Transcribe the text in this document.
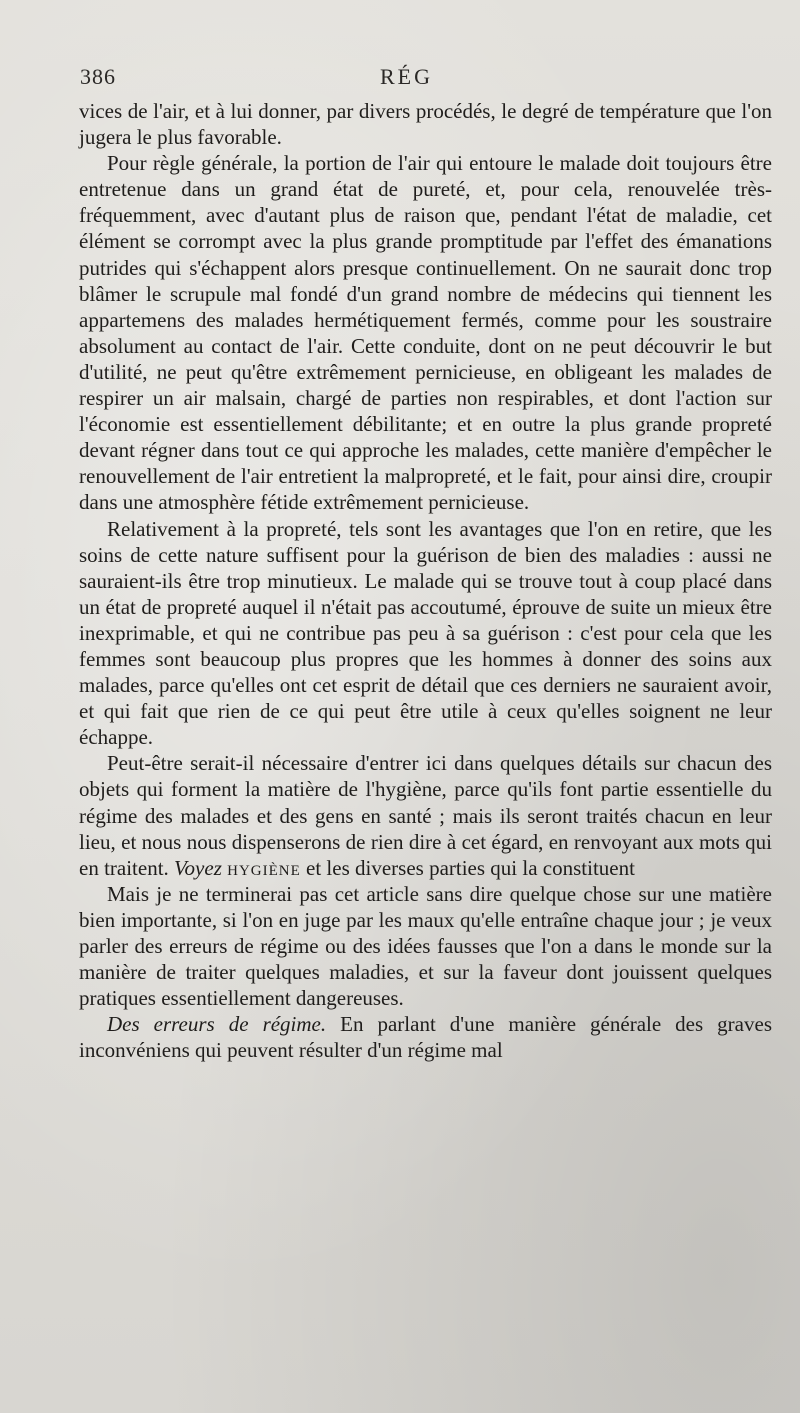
386	RÉG

vices de l'air, et à lui donner, par divers procédés, le degré de température que l'on jugera le plus favorable.

Pour règle générale, la portion de l'air qui entoure le malade doit toujours être entretenue dans un grand état de pureté, et, pour cela, renouvelée très-fréquemment, avec d'autant plus de raison que, pendant l'état de maladie, cet élément se corrompt avec la plus grande promptitude par l'effet des émanations putrides qui s'échappent alors presque continuellement. On ne saurait donc trop blâmer le scrupule mal fondé d'un grand nombre de médecins qui tiennent les appartemens des malades hermétiquement fermés, comme pour les soustraire absolument au contact de l'air. Cette conduite, dont on ne peut découvrir le but d'utilité, ne peut qu'être extrêmement pernicieuse, en obligeant les malades de respirer un air malsain, chargé de parties non respirables, et dont l'action sur l'économie est essentiellement débilitante; et en outre la plus grande propreté devant régner dans tout ce qui approche les malades, cette manière d'empêcher le renouvellement de l'air entretient la malpropreté, et le fait, pour ainsi dire, croupir dans une atmosphère fétide extrêmement pernicieuse.

Relativement à la propreté, tels sont les avantages que l'on en retire, que les soins de cette nature suffisent pour la guérison de bien des maladies : aussi ne sauraient-ils être trop minutieux. Le malade qui se trouve tout à coup placé dans un état de propreté auquel il n'était pas accoutumé, éprouve de suite un mieux être inexprimable, et qui ne contribue pas peu à sa guérison : c'est pour cela que les femmes sont beaucoup plus propres que les hommes à donner des soins aux malades, parce qu'elles ont cet esprit de détail que ces derniers ne sauraient avoir, et qui fait que rien de ce qui peut être utile à ceux qu'elles soignent ne leur échappe.

Peut-être serait-il nécessaire d'entrer ici dans quelques détails sur chacun des objets qui forment la matière de l'hygiène, parce qu'ils font partie essentielle du régime des malades et des gens en santé ; mais ils seront traités chacun en leur lieu, et nous nous dispenserons de rien dire à cet égard, en renvoyant aux mots qui en traitent. Voyez hygiène et les diverses parties qui la constituent

Mais je ne terminerai pas cet article sans dire quelque chose sur une matière bien importante, si l'on en juge par les maux qu'elle entraîne chaque jour ; je veux parler des erreurs de régime ou des idées fausses que l'on a dans le monde sur la manière de traiter quelques maladies, et sur la faveur dont jouissent quelques pratiques essentiellement dangereuses.

Des erreurs de régime. En parlant d'une manière générale des graves inconvéniens qui peuvent résulter d'un régime mal
